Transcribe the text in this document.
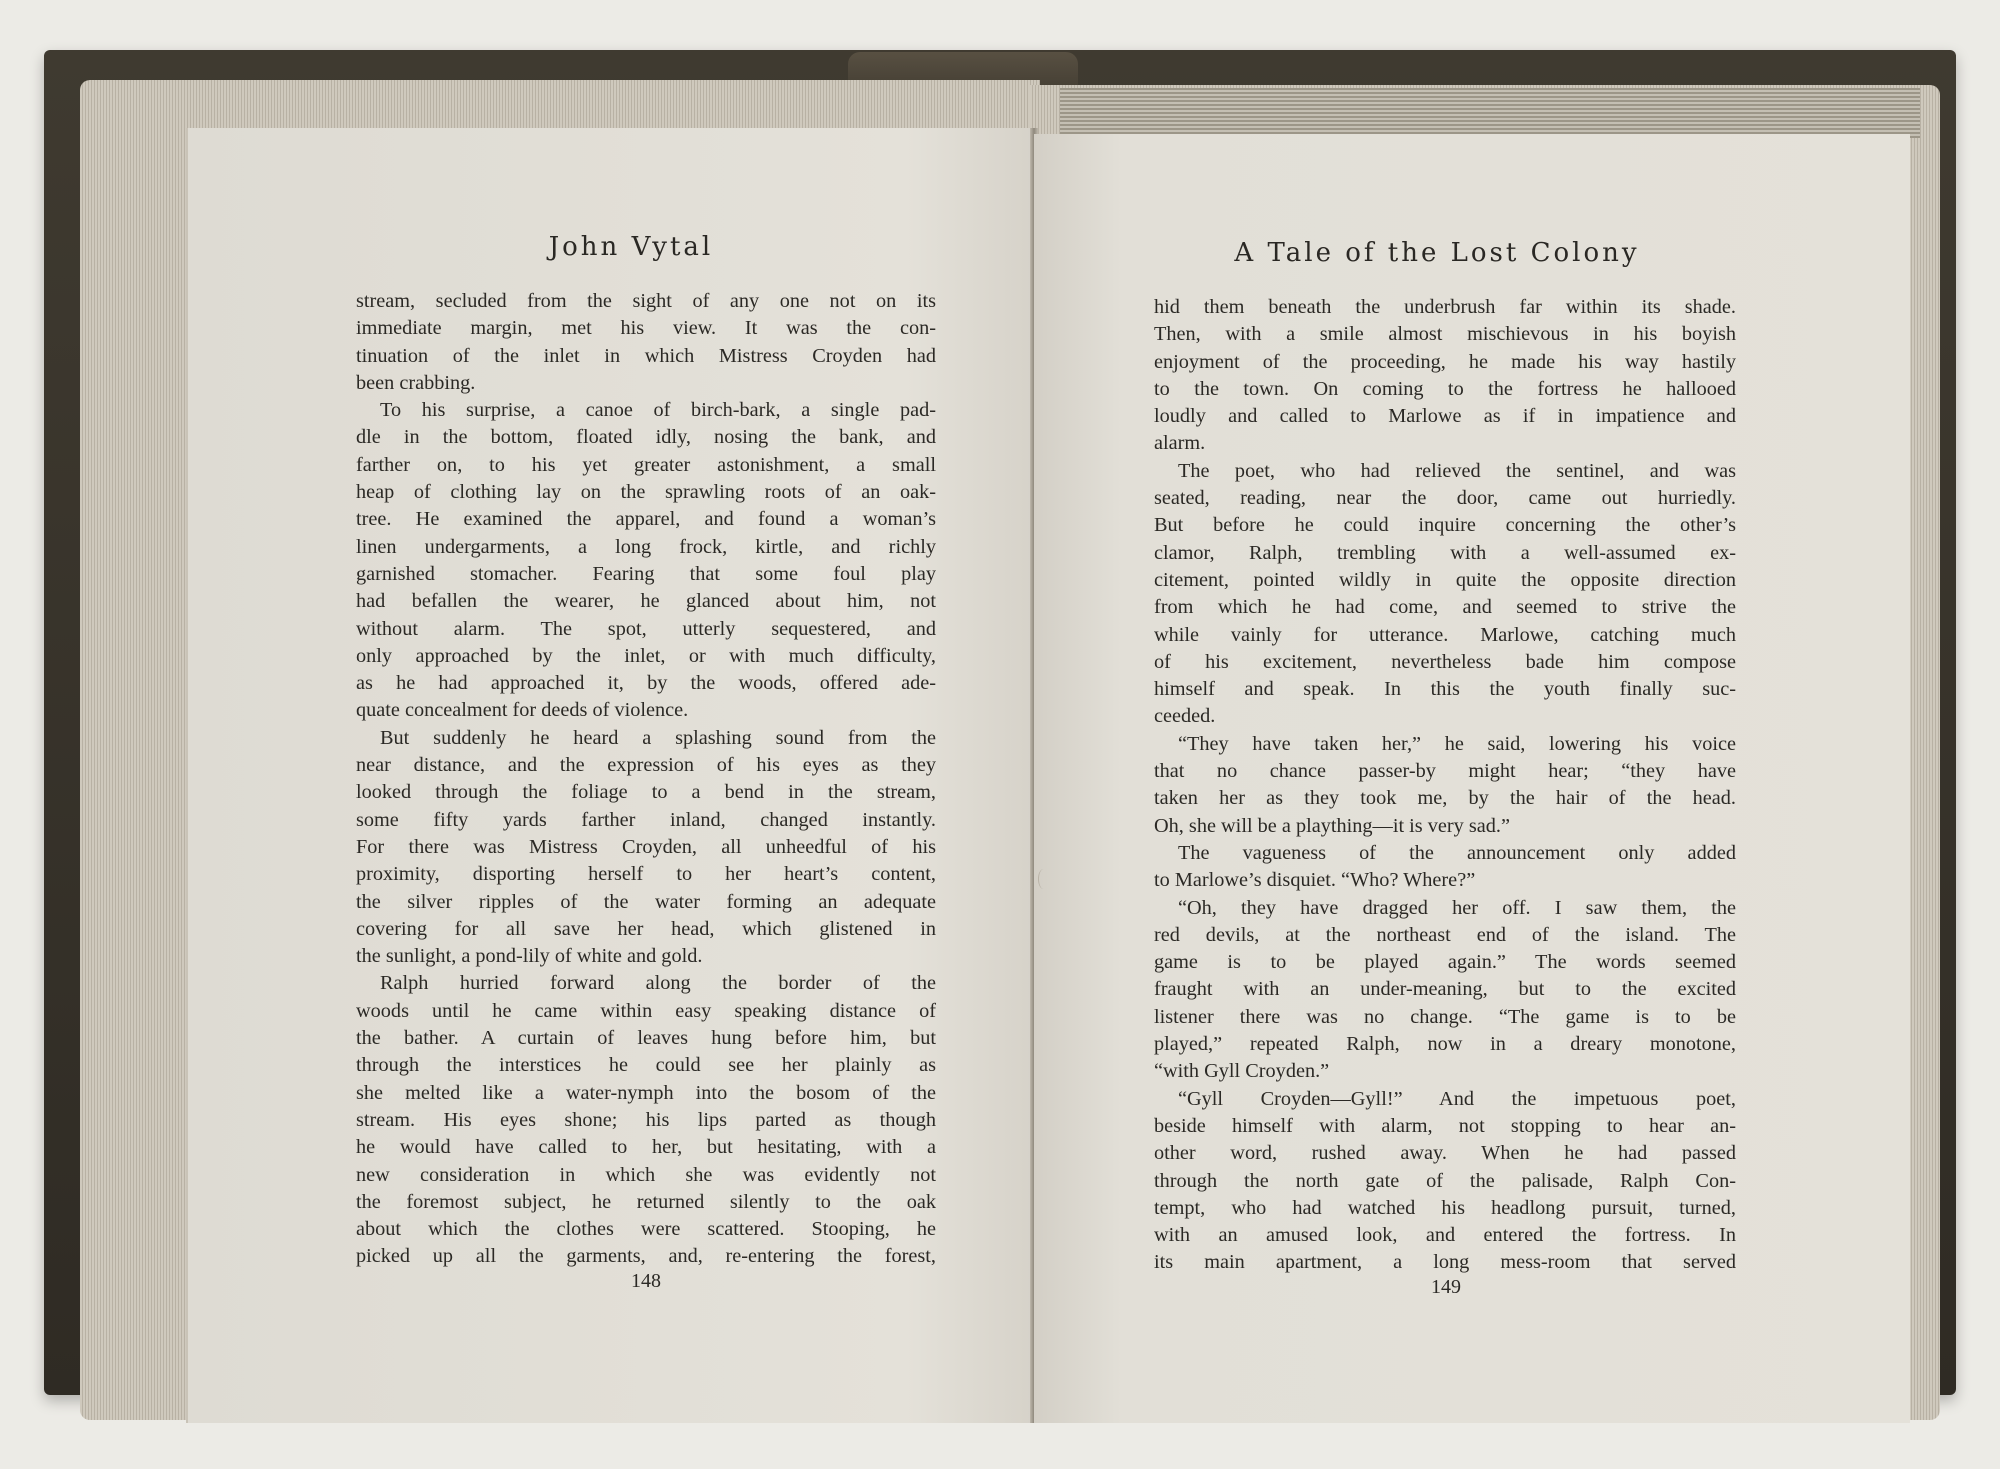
John Vytal
stream, secluded from the sight of any one not on its
immediate margin, met his view. It was the con-
tinuation of the inlet in which Mistress Croyden had
been crabbing.
To his surprise, a canoe of birch-bark, a single pad-
dle in the bottom, floated idly, nosing the bank, and
farther on, to his yet greater astonishment, a small
heap of clothing lay on the sprawling roots of an oak-
tree. He examined the apparel, and found a woman’s
linen undergarments, a long frock, kirtle, and richly
garnished stomacher. Fearing that some foul play
had befallen the wearer, he glanced about him, not
without alarm. The spot, utterly sequestered, and
only approached by the inlet, or with much difficulty,
as he had approached it, by the woods, offered ade-
quate concealment for deeds of violence.
But suddenly he heard a splashing sound from the
near distance, and the expression of his eyes as they
looked through the foliage to a bend in the stream,
some fifty yards farther inland, changed instantly.
For there was Mistress Croyden, all unheedful of his
proximity, disporting herself to her heart’s content,
the silver ripples of the water forming an adequate
covering for all save her head, which glistened in
the sunlight, a pond-lily of white and gold.
Ralph hurried forward along the border of the
woods until he came within easy speaking distance of
the bather. A curtain of leaves hung before him, but
through the interstices he could see her plainly as
she melted like a water-nymph into the bosom of the
stream. His eyes shone; his lips parted as though
he would have called to her, but hesitating, with a
new consideration in which she was evidently not
the foremost subject, he returned silently to the oak
about which the clothes were scattered. Stooping, he
picked up all the garments, and, re-entering the forest,
148
A Tale of the Lost Colony
hid them beneath the underbrush far within its shade.
Then, with a smile almost mischievous in his boyish
enjoyment of the proceeding, he made his way hastily
to the town. On coming to the fortress he hallooed
loudly and called to Marlowe as if in impatience and
alarm.
The poet, who had relieved the sentinel, and was
seated, reading, near the door, came out hurriedly.
But before he could inquire concerning the other’s
clamor, Ralph, trembling with a well-assumed ex-
citement, pointed wildly in quite the opposite direction
from which he had come, and seemed to strive the
while vainly for utterance. Marlowe, catching much
of his excitement, nevertheless bade him compose
himself and speak. In this the youth finally suc-
ceeded.
“They have taken her,” he said, lowering his voice
that no chance passer-by might hear; “they have
taken her as they took me, by the hair of the head.
Oh, she will be a plaything—it is very sad.”
The vagueness of the announcement only added
to Marlowe’s disquiet. “Who? Where?”
“Oh, they have dragged her off. I saw them, the
red devils, at the northeast end of the island. The
game is to be played again.” The words seemed
fraught with an under-meaning, but to the excited
listener there was no change. “The game is to be
played,” repeated Ralph, now in a dreary monotone,
“with Gyll Croyden.”
“Gyll Croyden—Gyll!” And the impetuous poet,
beside himself with alarm, not stopping to hear an-
other word, rushed away. When he had passed
through the north gate of the palisade, Ralph Con-
tempt, who had watched his headlong pursuit, turned,
with an amused look, and entered the fortress. In
its main apartment, a long mess-room that served
149
